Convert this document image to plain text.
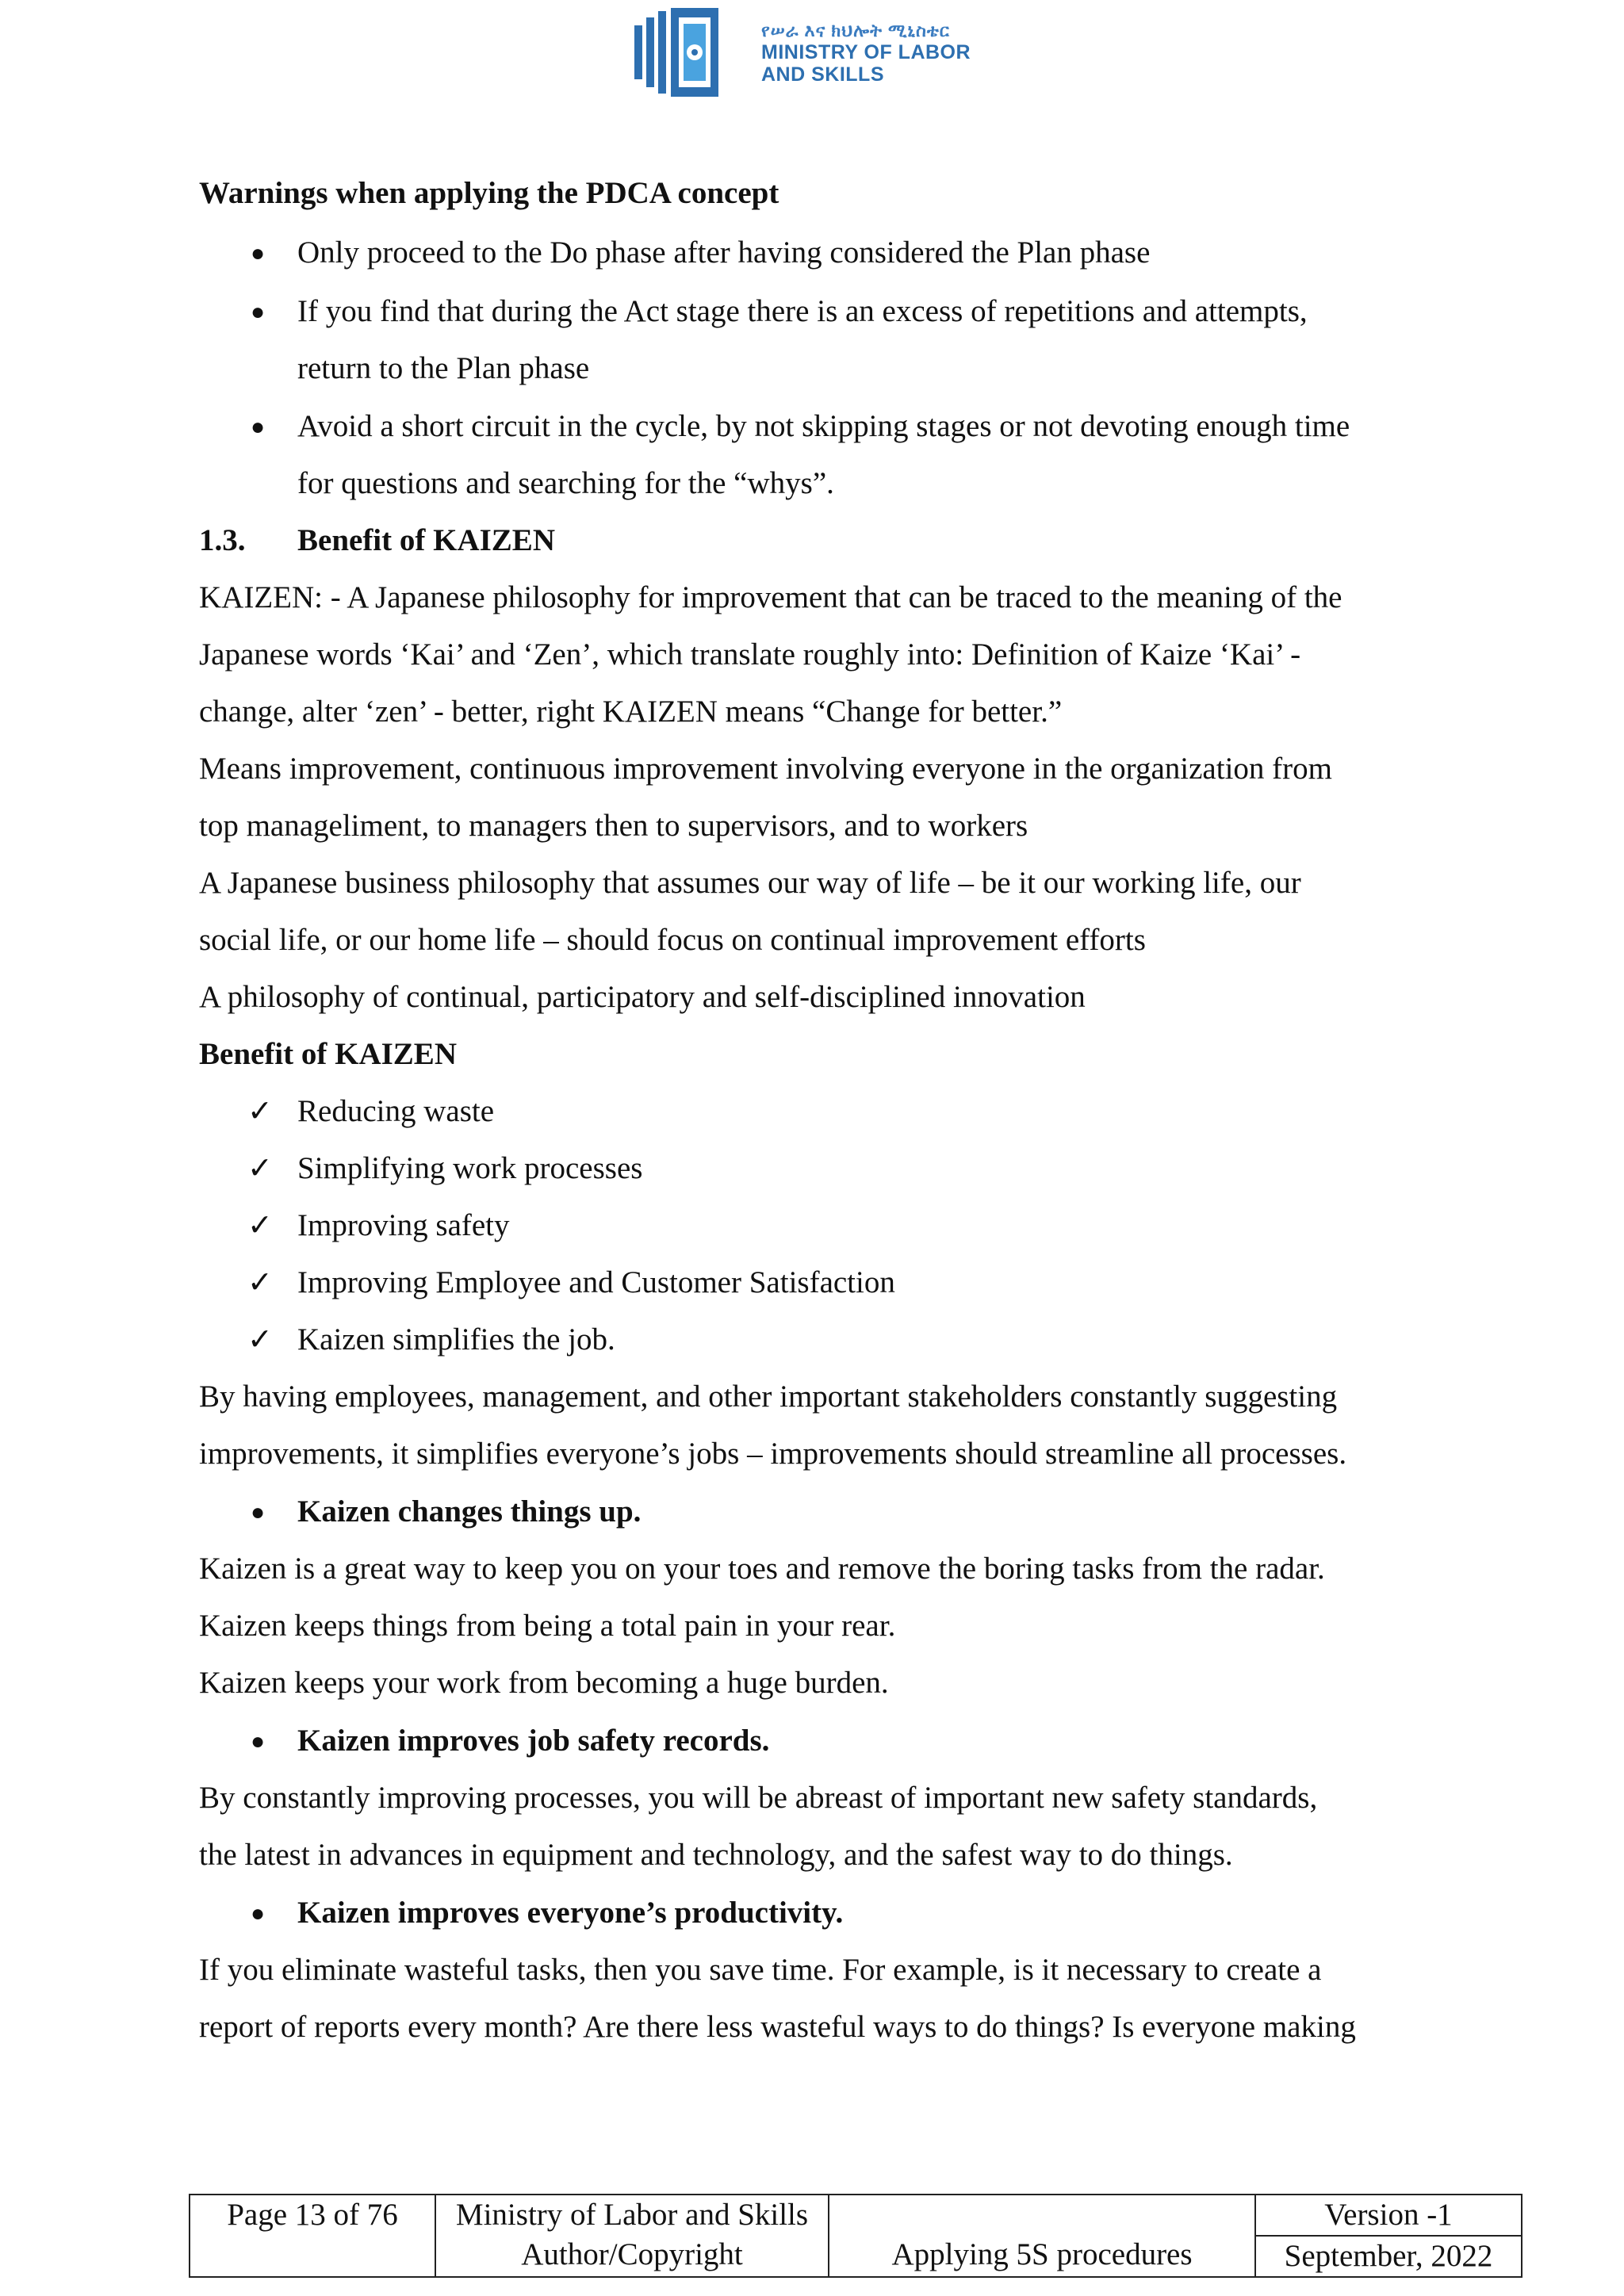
የሠራ እና ክህሎት ሚኒስቴር
MINISTRY OF LABOR
AND SKILLS
Warnings when applying the PDCA concept
● Only proceed to the Do phase after having considered the Plan phase
● If you find that during the Act stage there is an excess of repetitions and attempts,
return to the Plan phase
● Avoid a short circuit in the cycle, by not skipping stages or not devoting enough time
for questions and searching for the “whys”.
1.3. Benefit of KAIZEN
KAIZEN: - A Japanese philosophy for improvement that can be traced to the meaning of the
Japanese words ‘Kai’ and ‘Zen’, which translate roughly into: Definition of Kaize ‘Kai’ -
change, alter ‘zen’ - better, right KAIZEN means “Change for better.”
Means improvement, continuous improvement involving everyone in the organization from
top manageliment, to managers then to supervisors, and to workers
A Japanese business philosophy that assumes our way of life – be it our working life, our
social life, or our home life – should focus on continual improvement efforts
A philosophy of continual, participatory and self-disciplined innovation
Benefit of KAIZEN
✓ Reducing waste
✓ Simplifying work processes
✓ Improving safety
✓ Improving Employee and Customer Satisfaction
✓ Kaizen simplifies the job.
By having employees, management, and other important stakeholders constantly suggesting
improvements, it simplifies everyone’s jobs – improvements should streamline all processes.
● Kaizen changes things up.
Kaizen is a great way to keep you on your toes and remove the boring tasks from the radar.
Kaizen keeps things from being a total pain in your rear.
Kaizen keeps your work from becoming a huge burden.
● Kaizen improves job safety records.
By constantly improving processes, you will be abreast of important new safety standards,
the latest in advances in equipment and technology, and the safest way to do things.
● Kaizen improves everyone’s productivity.
If you eliminate wasteful tasks, then you save time. For example, is it necessary to create a
report of reports every month? Are there less wasteful ways to do things? Is everyone making
Page 13 of 76	Ministry of Labor and Skills
Author/Copyright	Applying 5S procedures
Version -1
September, 2022
